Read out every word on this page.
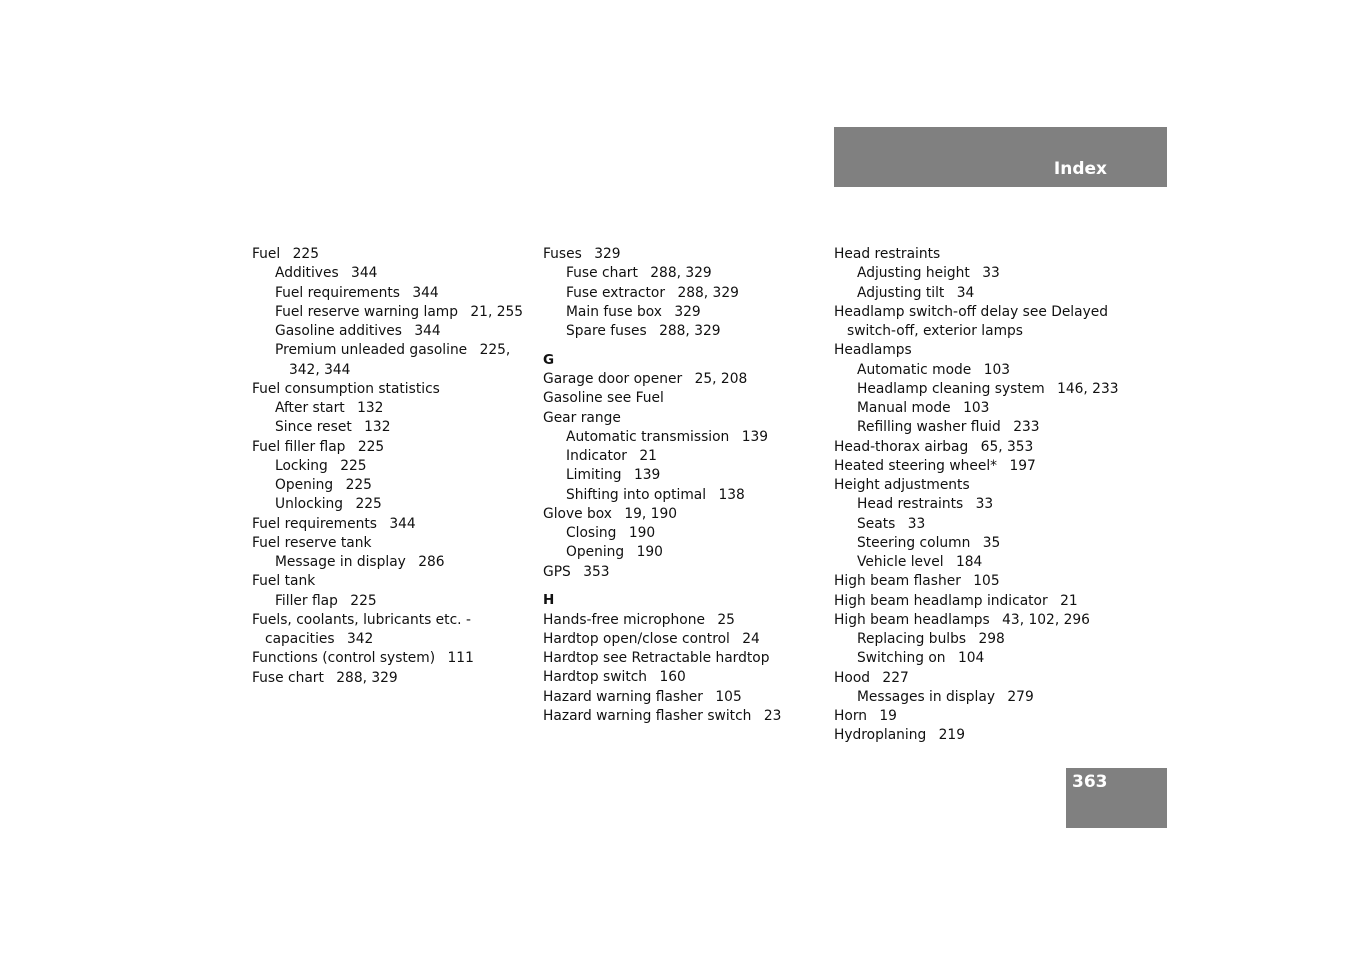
Index
Fuel 225
Additives 344
Fuel requirements 344
Fuel reserve warning lamp 21, 255
Gasoline additives 344
Premium unleaded gasoline 225,
342, 344
Fuel consumption statistics
After start 132
Since reset 132
Fuel filler flap 225
Locking 225
Opening 225
Unlocking 225
Fuel requirements 344
Fuel reserve tank
Message in display 286
Fuel tank
Filler flap 225
Fuels, coolants, lubricants etc. -
capacities 342
Functions (control system) 111
Fuse chart 288, 329
Fuses 329
Fuse chart 288, 329
Fuse extractor 288, 329
Main fuse box 329
Spare fuses 288, 329
G
Garage door opener 25, 208
Gasoline see Fuel
Gear range
Automatic transmission 139
Indicator 21
Limiting 139
Shifting into optimal 138
Glove box 19, 190
Closing 190
Opening 190
GPS 353
H
Hands-free microphone 25
Hardtop open/close control 24
Hardtop see Retractable hardtop
Hardtop switch 160
Hazard warning flasher 105
Hazard warning flasher switch 23
Head restraints
Adjusting height 33
Adjusting tilt 34
Headlamp switch-off delay see Delayed
switch-off, exterior lamps
Headlamps
Automatic mode 103
Headlamp cleaning system 146, 233
Manual mode 103
Refilling washer fluid 233
Head-thorax airbag 65, 353
Heated steering wheel* 197
Height adjustments
Head restraints 33
Seats 33
Steering column 35
Vehicle level 184
High beam flasher 105
High beam headlamp indicator 21
High beam headlamps 43, 102, 296
Replacing bulbs 298
Switching on 104
Hood 227
Messages in display 279
Horn 19
Hydroplaning 219
363
